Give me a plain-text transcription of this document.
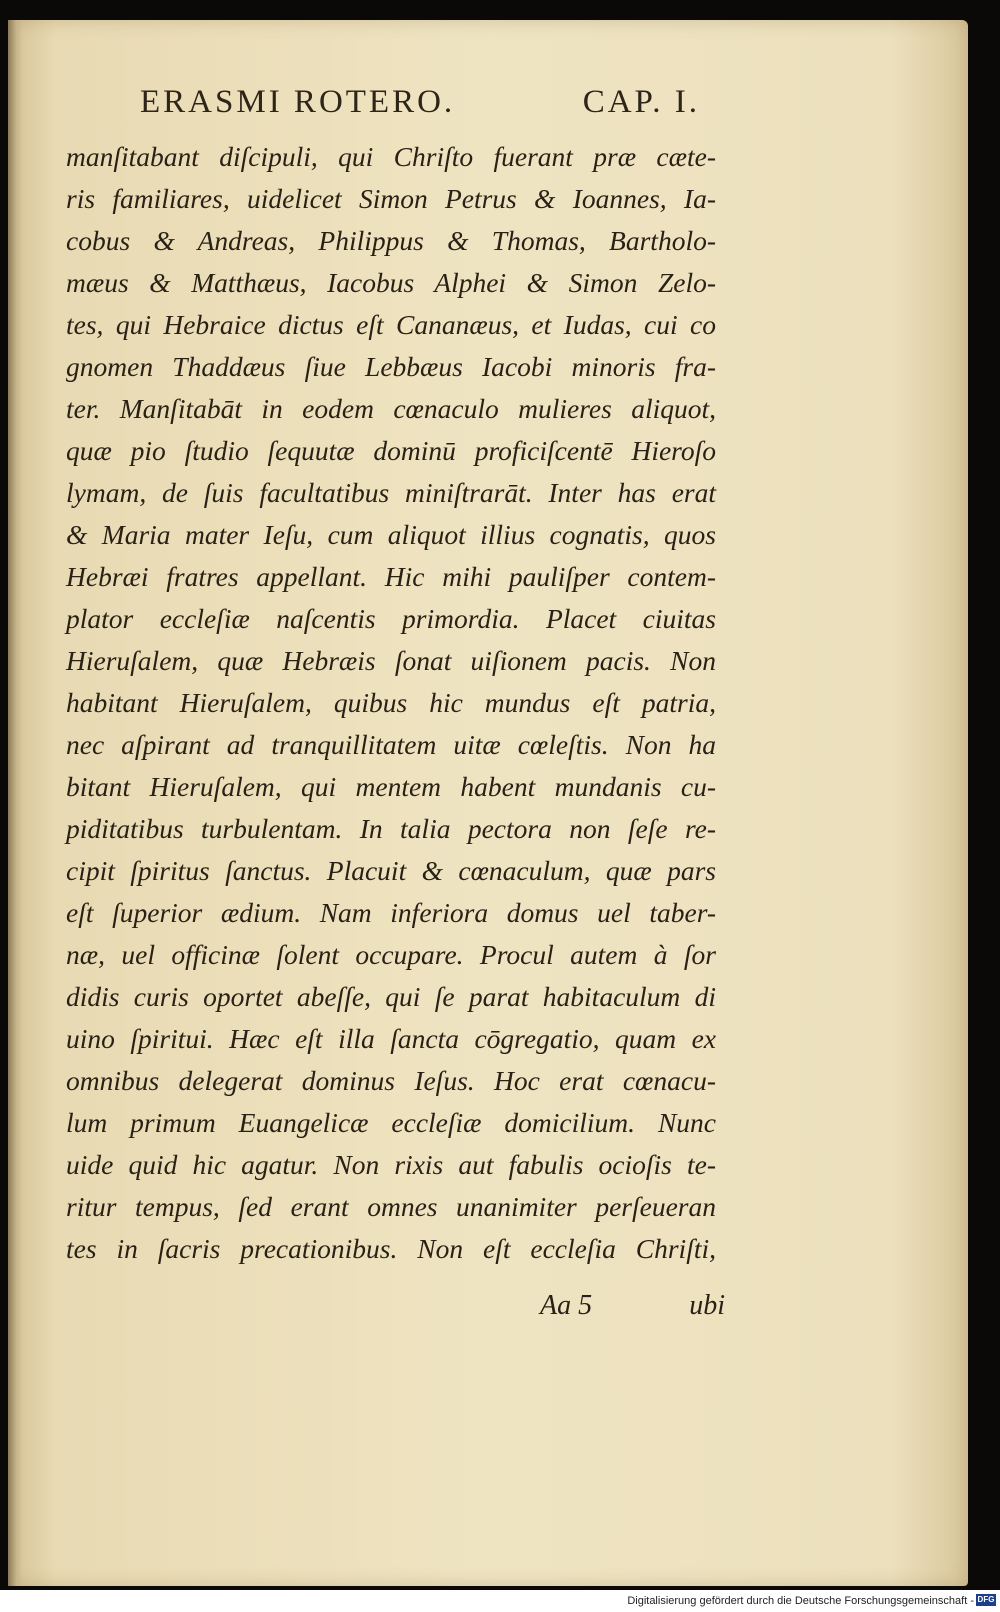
ERASMI ROTERO.	CAP. I.
manſitabant diſcipuli, qui Chriſto fuerant præ cæte-
ris familiares, uidelicet Simon Petrus & Ioannes, Ia-
cobus & Andreas, Philippus & Thomas, Bartholo-
mæus & Matthæus, Iacobus Alphei & Simon Zelo-
tes, qui Hebraice dictus eſt Cananæus, et Iudas, cui co
gnomen Thaddæus ſiue Lebbæus Iacobi minoris fra-
ter. Manſitabāt in eodem cœnaculo mulieres aliquot,
quæ pio ſtudio ſequutæ dominū proficiſcentē Hieroſo
lymam, de ſuis facultatibus miniſtrarāt. Inter has erat
& Maria mater Ieſu, cum aliquot illius cognatis, quos
Hebræi fratres appellant. Hic mihi pauliſper contem-
plator eccleſiæ naſcentis primordia. Placet ciuitas
Hieruſalem, quæ Hebræis ſonat uiſionem pacis. Non
habitant Hieruſalem, quibus hic mundus eſt patria,
nec aſpirant ad tranquillitatem uitæ cœleſtis. Non ha
bitant Hieruſalem, qui mentem habent mundanis cu-
piditatibus turbulentam. In talia pectora non ſeſe re-
cipit ſpiritus ſanctus. Placuit & cœnaculum, quæ pars
eſt ſuperior ædium. Nam inferiora domus uel taber-
næ, uel officinæ ſolent occupare. Procul autem à ſor
didis curis oportet abeſſe, qui ſe parat habitaculum di
uino ſpiritui. Hæc eſt illa ſancta cōgregatio, quam ex
omnibus delegerat dominus Ieſus. Hoc erat cœnacu-
lum primum Euangelicæ eccleſiæ domicilium. Nunc
uide quid hic agatur. Non rixis aut fabulis ocioſis te-
ritur tempus, ſed erant omnes unanimiter perſeueran
tes in ſacris precationibus. Non eſt eccleſia Chriſti,
Aa 5	ubi
Digitalisierung gefördert durch die Deutsche Forschungsgemeinschaft - DFG
